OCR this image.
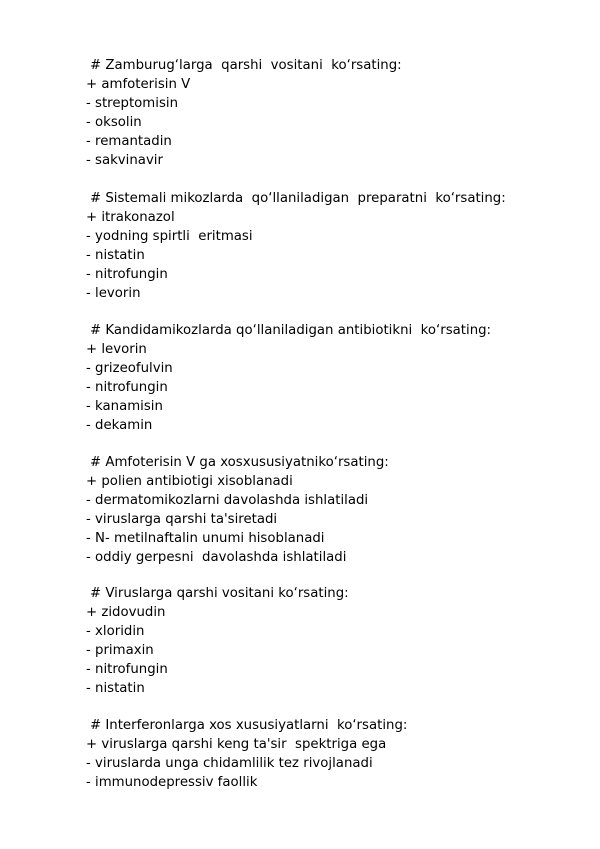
# Zamburug‘larga  qarshi  vositani  ko‘rsating:
+ amfoterisin V
- streptomisin
- oksolin
- remantadin
- sakvinavir
# Sistemali mikozlarda  qo‘llaniladigan  preparatni  ko‘rsating:
+ itrakonazol
- yodning spirtli  eritmasi
- nistatin
- nitrofungin
- levorin
# Kandidamikozlarda qo‘llaniladigan antibiotikni  ko‘rsating:
+ levorin
- grizeofulvin
- nitrofungin
- kanamisin
- dekamin
# Amfoterisin V ga xosxususiyatniko‘rsating:
+ polien antibiotigi xisoblanadi
- dermatomikozlarni davolashda ishlatiladi
- viruslarga qarshi ta'siretadi
- N- metilnaftalin unumi hisoblanadi
- oddiy gerpesni  davolashda ishlatiladi
# Viruslarga qarshi vositani ko‘rsating:
+ zidovudin
- xloridin
- primaxin
- nitrofungin
- nistatin
# Interferonlarga xos xususiyatlarni  ko‘rsating:
+ viruslarga qarshi keng ta'sir  spektriga ega
- viruslarda unga chidamlilik tez rivojlanadi
- immunodepressiv faollik
